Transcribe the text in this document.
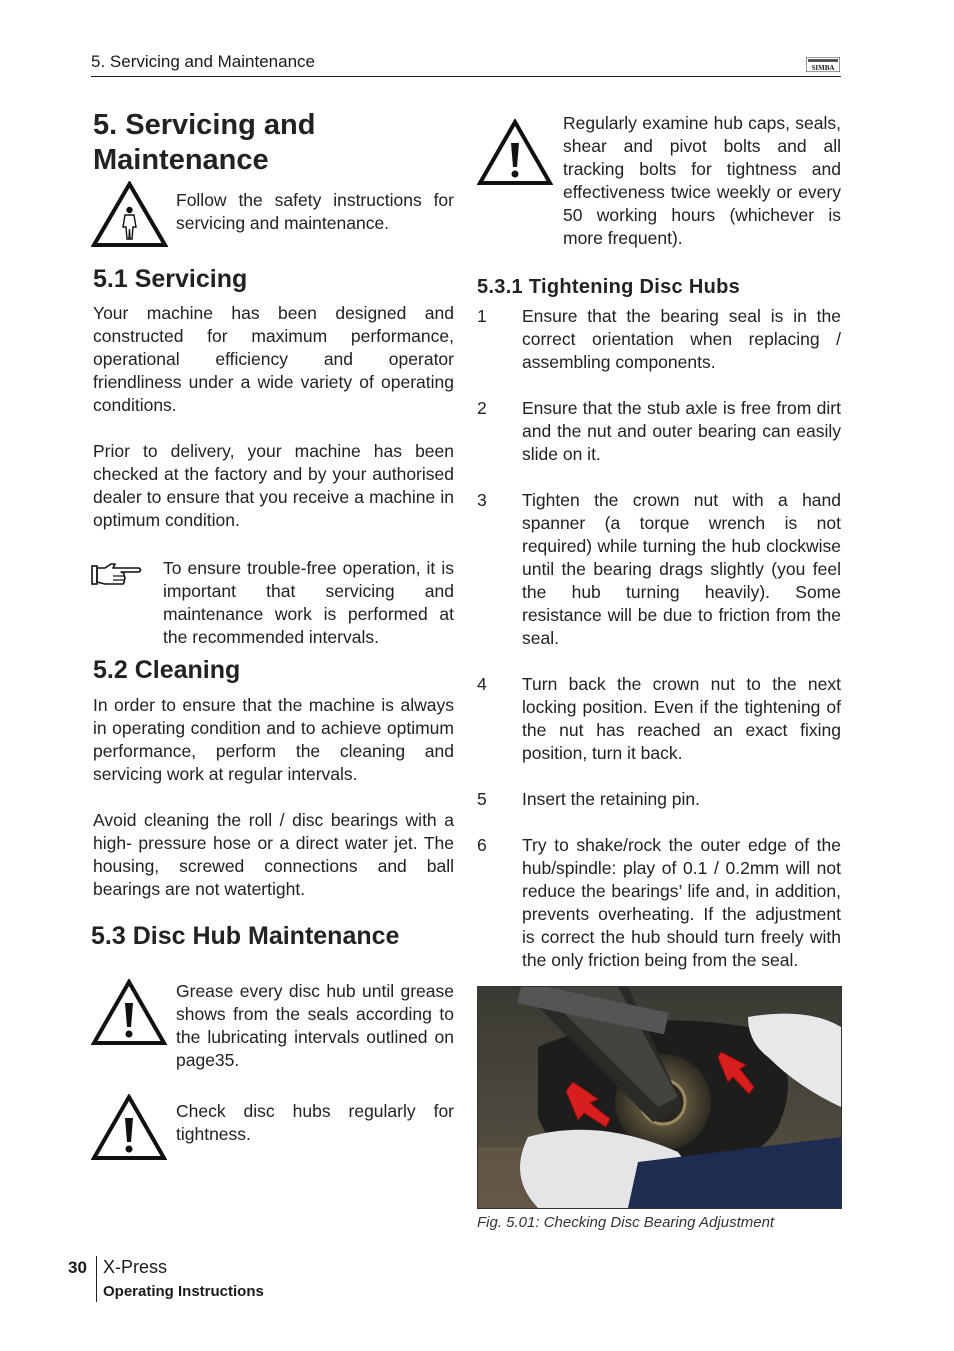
5. Servicing and Maintenance	SIMBA
5. Servicing and
Maintenance
Follow the safety instructions for servicing and maintenance.
5.1 Servicing

Your machine has been designed and constructed for maximum performance, operational efficiency and operator friendliness under a wide variety of operating conditions.

Prior to delivery, your machine has been checked at the factory and by your authorised dealer to ensure that you receive a machine in optimum condition.

To ensure trouble-free operation, it is important that servicing and maintenance work is performed at the recommended intervals.
5.2 Cleaning

In order to ensure that the machine is always in operating condition and to achieve optimum performance, perform the cleaning and servicing work at regular intervals.

Avoid cleaning the roll / disc bearings with a high- pressure hose or a direct water jet. The housing, screwed connections and ball bearings are not watertight.

5.3 Disc Hub Maintenance
Grease every disc hub until grease shows from the seals according to the lubricating intervals outlined on page35.
Check disc hubs regularly for tightness.
Regularly examine hub caps, seals, shear and pivot bolts and all tracking bolts for tightness and effectiveness twice weekly or every 50 working hours (whichever is more frequent).
5.3.1 Tightening Disc Hubs
1	Ensure that the bearing seal is in the correct orientation when replacing / assembling components.
2	Ensure that the stub axle is free from dirt and the nut and outer bearing can easily slide on it.
3	Tighten the crown nut with a hand spanner (a torque wrench is not required) while turning the hub clockwise until the bearing drags slightly (you feel the hub turning heavily). Some resistance will be due to friction from the seal.
4	Turn back the crown nut to the next locking position. Even if the tightening of the nut has reached an exact fixing position, turn it back.
5	Insert the retaining pin.
6	Try to shake/rock the outer edge of the hub/spindle: play of 0.1 / 0.2mm will not reduce the bearings’ life and, in addition, prevents overheating. If the adjustment is correct the hub should turn freely with the only friction being from the seal.
Fig. 5.01: Checking Disc Bearing Adjustment
30 X-Press
Operating Instructions
